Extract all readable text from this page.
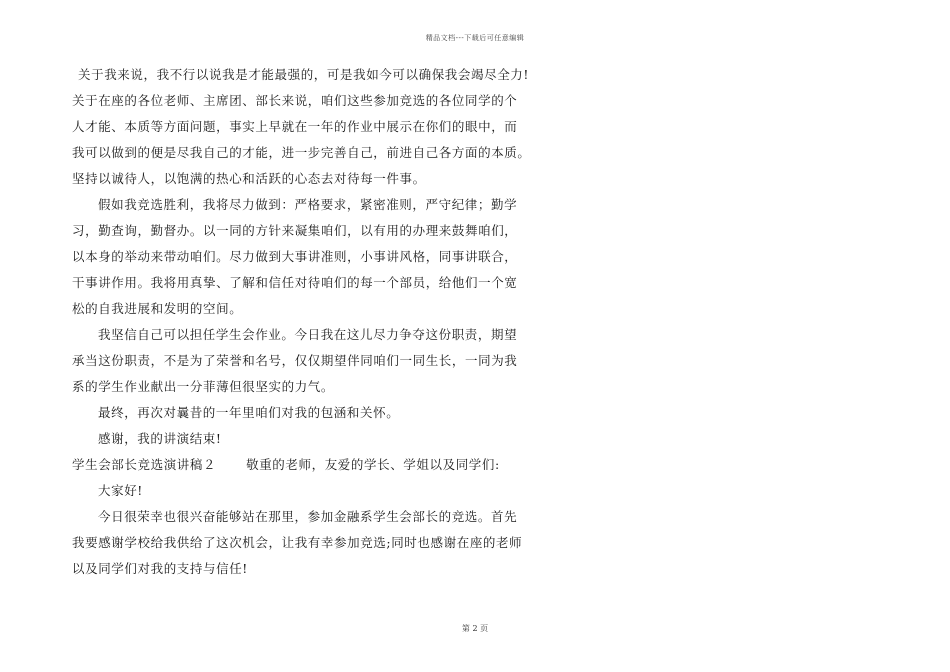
精品文档---下载后可任意编辑
关于我来说，我不行以说我是才能最强的，可是我如今可以确保我会竭尽全力!
关于在座的各位老师、主席团、部长来说，咱们这些参加竞选的各位同学的个
人才能、本质等方面问题，事实上早就在一年的作业中展示在你们的眼中，而
我可以做到的便是尽我自己的才能，进一步完善自己，前进自己各方面的本质。
坚持以诚待人，以饱满的热心和活跃的心态去对待每一件事。
假如我竞选胜利，我将尽力做到：严格要求，紧密准则，严守纪律；勤学
习，勤查询，勤督办。以一同的方针来凝集咱们，以有用的办理来鼓舞咱们，
以本身的举动来带动咱们。尽力做到大事讲准则，小事讲风格，同事讲联合，
干事讲作用。我将用真挚、了解和信任对待咱们的每一个部员，给他们一个宽
松的自我进展和发明的空间。
我坚信自己可以担任学生会作业。今日我在这儿尽力争夺这份职责，期望
承当这份职责，不是为了荣誉和名号，仅仅期望伴同咱们一同生长，一同为我
系的学生作业献出一分菲薄但很坚实的力气。
最终，再次对曩昔的一年里咱们对我的包涵和关怀。
感谢，我的讲演结束!
学生会部长竞选演讲稿２ 敬重的老师，友爱的学长、学姐以及同学们:
大家好!
今日很荣幸也很兴奋能够站在那里，参加金融系学生会部长的竞选。首先
我要感谢学校给我供给了这次机会，让我有幸参加竞选;同时也感谢在座的老师
以及同学们对我的支持与信任!
第 2 页
